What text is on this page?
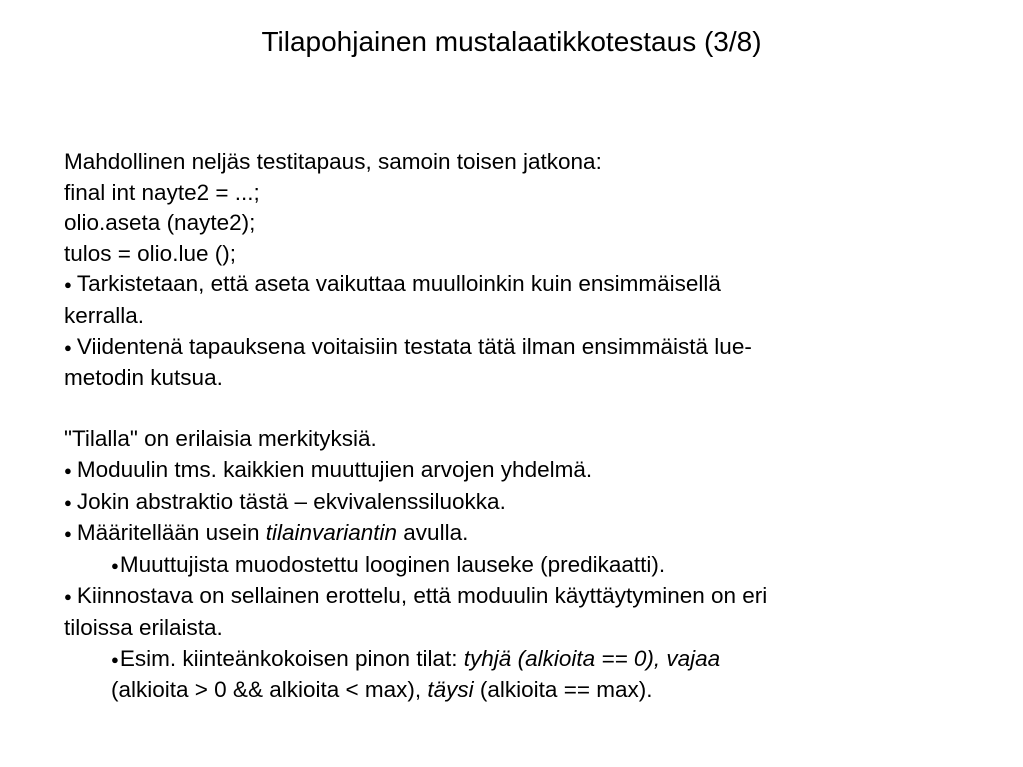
Tilapohjainen mustalaatikkotestaus (3/8)
Mahdollinen neljäs testitapaus, samoin toisen jatkona:
final int nayte2 = ...;
olio.aseta (nayte2);
tulos = olio.lue ();
● Tarkistetaan, että aseta vaikuttaa muulloinkin kuin ensimmäisellä
kerralla.
● Viidentenä tapauksena voitaisiin testata tätä ilman ensimmäistä lue-
metodin kutsua.
"Tilalla" on erilaisia merkityksiä.
● Moduulin tms. kaikkien muuttujien arvojen yhdelmä.
● Jokin abstraktio tästä – ekvivalenssiluokka.
● Määritellään usein tilainvariantin avulla.
●Muuttujista muodostettu looginen lauseke (predikaatti).
● Kiinnostava on sellainen erottelu, että moduulin käyttäytyminen on eri
tiloissa erilaista.
●Esim. kiinteänkokoisen pinon tilat: tyhjä (alkioita == 0), vajaa
(alkioita > 0 && alkioita < max), täysi (alkioita == max).
